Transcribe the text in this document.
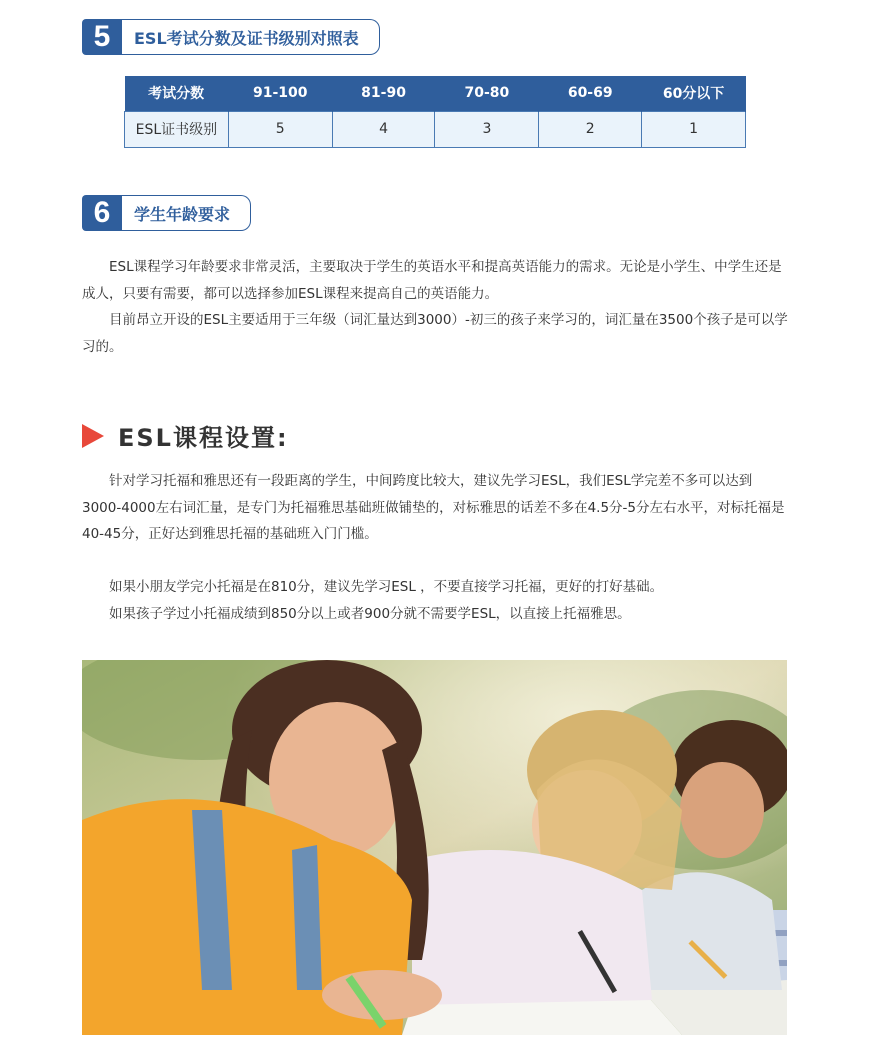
5	ESL考试分数及证书级别对照表
考试分数	91-100	81-90	70-80	60-69	60分以下
ESL证书级别	5	4	3	2	1
6	学生年龄要求

ESL课程学习年龄要求非常灵活，主要取决于学生的英语水平和提高英语能力的需求。无论是小学生、中学生还是成人，只要有需要，都可以选择参加ESL课程来提高自己的英语能力。

目前昂立开设的ESL主要适用于三年级（词汇量达到3000）-初三的孩子来学习的，词汇量在3500个孩子是可以学习的。

ESL课程设置:

针对学习托福和雅思还有一段距离的学生，中间跨度比较大，建议先学习ESL，我们ESL学完差不多可以达到3000-4000左右词汇量，是专门为托福雅思基础班做铺垫的，对标雅思的话差不多在4.5分-5分左右水平，对标托福是40-45分，正好达到雅思托福的基础班入门门槛。

如果小朋友学完小托福是在810分，建议先学习ESL ，不要直接学习托福，更好的打好基础。

如果孩子学过小托福成绩到850分以上或者900分就不需要学ESL，以直接上托福雅思。
